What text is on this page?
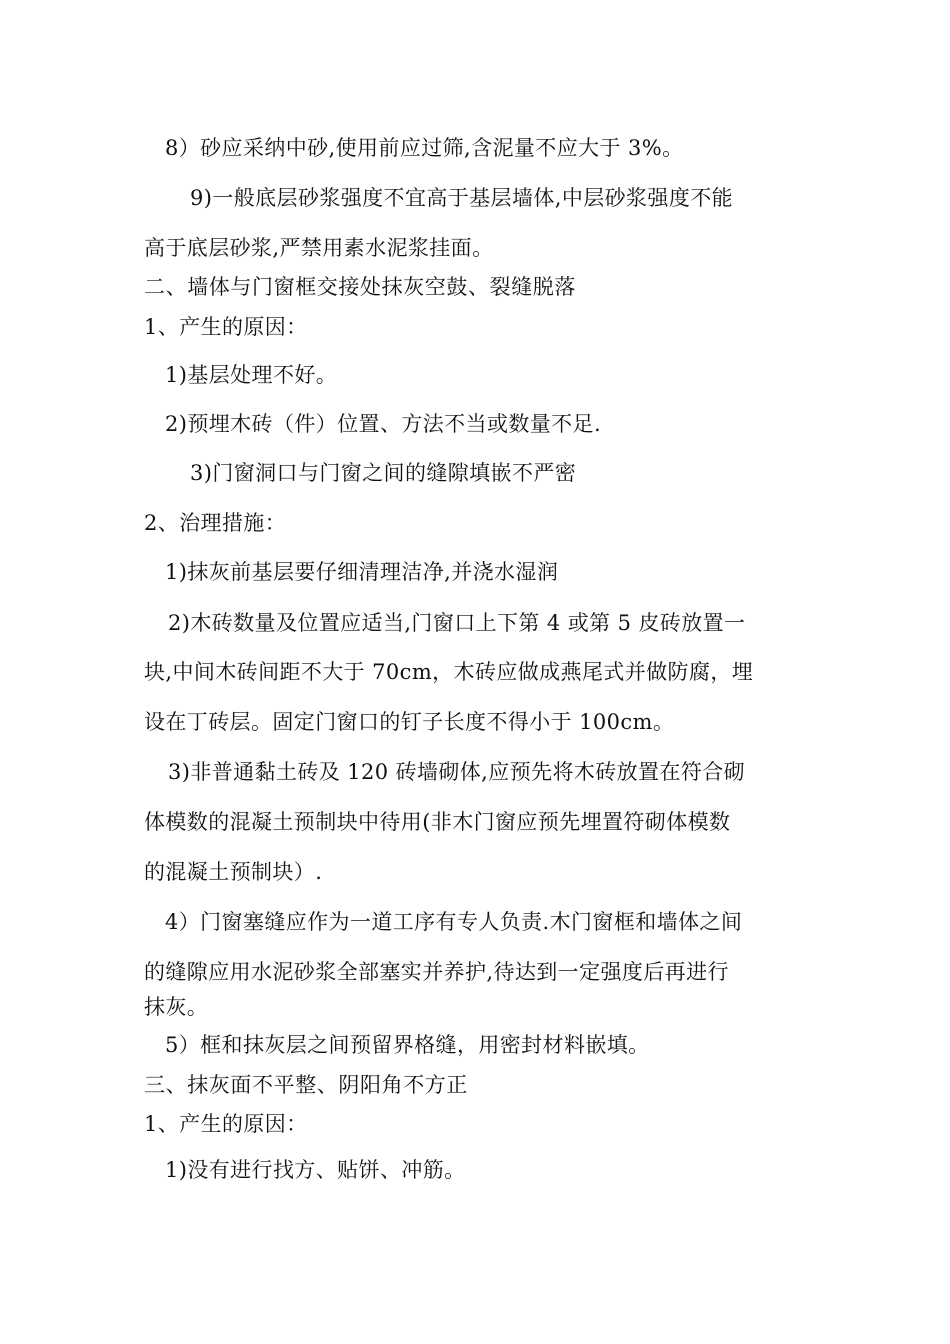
8）砂应采纳中砂,使用前应过筛,含泥量不应大于 3%。
9)一般底层砂浆强度不宜高于基层墙体,中层砂浆强度不能
高于底层砂浆,严禁用素水泥浆挂面。
二、墙体与门窗框交接处抹灰空鼓、裂缝脱落
1、产生的原因：
1)基层处理不好。
2)预埋木砖（件）位置、方法不当或数量不足.
3)门窗洞口与门窗之间的缝隙填嵌不严密
2、治理措施：
1)抹灰前基层要仔细清理洁净,并浇水湿润
2)木砖数量及位置应适当,门窗口上下第 4 或第 5 皮砖放置一
块,中间木砖间距不大于 70cm，木砖应做成燕尾式并做防腐，埋
设在丁砖层。固定门窗口的钉子长度不得小于 100cm。
3)非普通黏土砖及 120 砖墙砌体,应预先将木砖放置在符合砌
体模数的混凝土预制块中待用(非木门窗应预先埋置符砌体模数
的混凝土预制块）.
4）门窗塞缝应作为一道工序有专人负责.木门窗框和墙体之间
的缝隙应用水泥砂浆全部塞实并养护,待达到一定强度后再进行
抹灰。
5）框和抹灰层之间预留界格缝，用密封材料嵌填。
三、抹灰面不平整、阴阳角不方正
1、产生的原因：
1)没有进行找方、贴饼、冲筋。
